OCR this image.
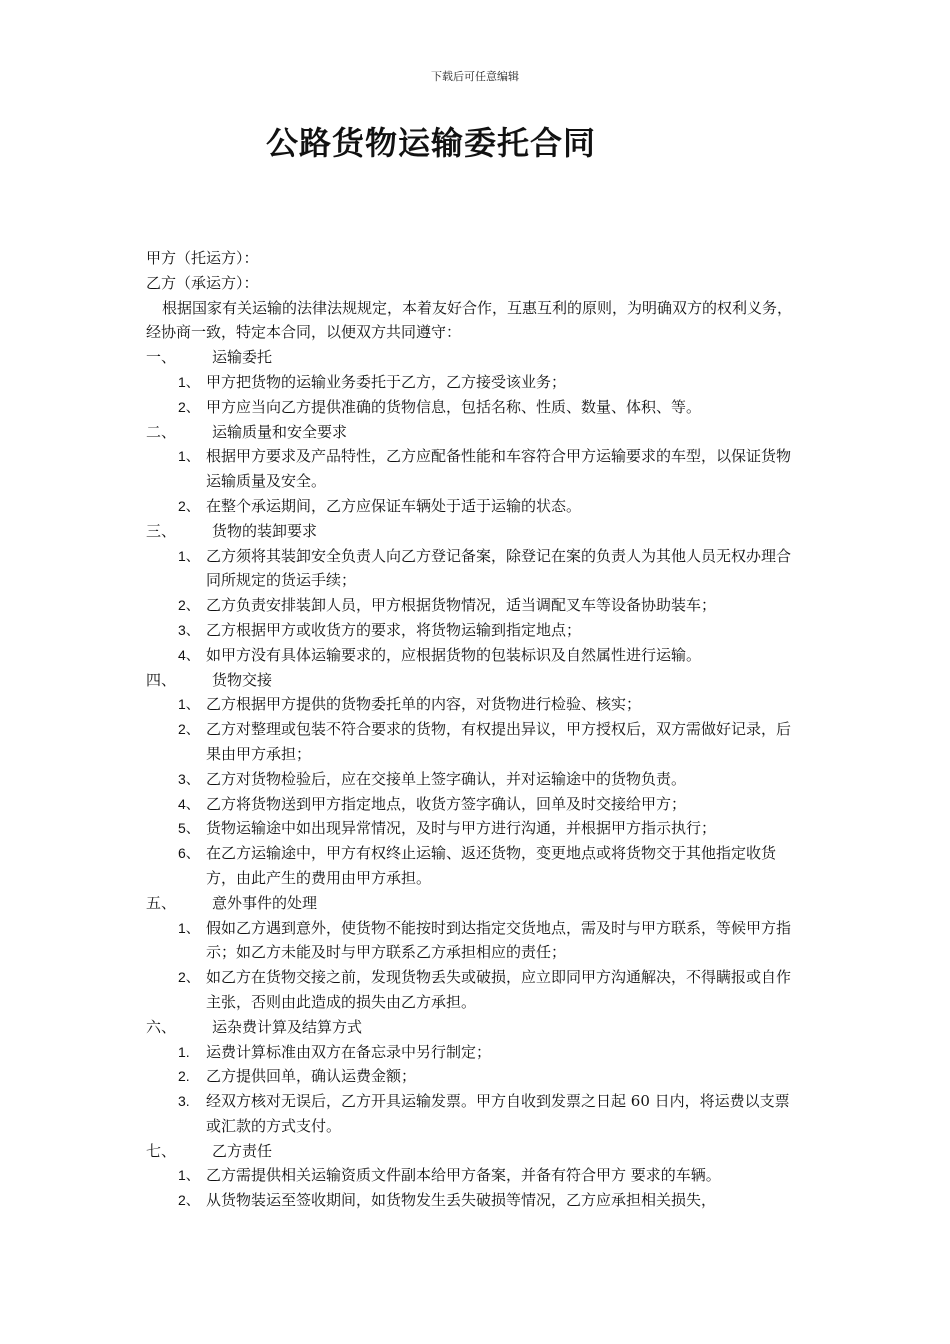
下载后可任意编辑
公路货物运输委托合同
甲方（托运方）：
乙方（承运方）：
根据国家有关运输的法律法规规定，本着友好合作，互惠互利的原则，为明确双方的权利义务，经协商一致，特定本合同，以便双方共同遵守：
一、	运输委托
1、 甲方把货物的运输业务委托于乙方，乙方接受该业务；
2、 甲方应当向乙方提供准确的货物信息，包括名称、性质、数量、体积、等。
二、	运输质量和安全要求
1、 根据甲方要求及产品特性，乙方应配备性能和车容符合甲方运输要求的车型，以保证货物运输质量及安全。
2、 在整个承运期间，乙方应保证车辆处于适于运输的状态。
三、	货物的装卸要求
1、 乙方须将其装卸安全负责人向乙方登记备案，除登记在案的负责人为其他人员无权办理合同所规定的货运手续；
2、 乙方负责安排装卸人员，甲方根据货物情况，适当调配叉车等设备协助装车；
3、 乙方根据甲方或收货方的要求，将货物运输到指定地点；
4、 如甲方没有具体运输要求的，应根据货物的包装标识及自然属性进行运输。
四、	货物交接
1、 乙方根据甲方提供的货物委托单的内容，对货物进行检验、核实；
2、 乙方对整理或包装不符合要求的货物，有权提出异议，甲方授权后，双方需做好记录，后果由甲方承担；
3、 乙方对货物检验后，应在交接单上签字确认，并对运输途中的货物负责。
4、 乙方将货物送到甲方指定地点，收货方签字确认，回单及时交接给甲方；
5、 货物运输途中如出现异常情况，及时与甲方进行沟通，并根据甲方指示执行；
6、 在乙方运输途中，甲方有权终止运输、返还货物，变更地点或将货物交于其他指定收货方，由此产生的费用由甲方承担。
五、	意外事件的处理
1、 假如乙方遇到意外，使货物不能按时到达指定交货地点，需及时与甲方联系，等候甲方指示；如乙方未能及时与甲方联系乙方承担相应的责任；
2、 如乙方在货物交接之前，发现货物丢失或破损，应立即同甲方沟通解决，不得瞒报或自作主张，否则由此造成的损失由乙方承担。
六、	运杂费计算及结算方式
1.	运费计算标准由双方在备忘录中另行制定；
2.	乙方提供回单，确认运费金额；
3.	经双方核对无误后，乙方开具运输发票。甲方自收到发票之日起 60 日内，将运费以支票或汇款的方式支付。
七、	乙方责任
1、 乙方需提供相关运输资质文件副本给甲方备案，并备有符合甲方 要求的车辆。
2、 从货物装运至签收期间，如货物发生丢失破损等情况，乙方应承担相关损失，
